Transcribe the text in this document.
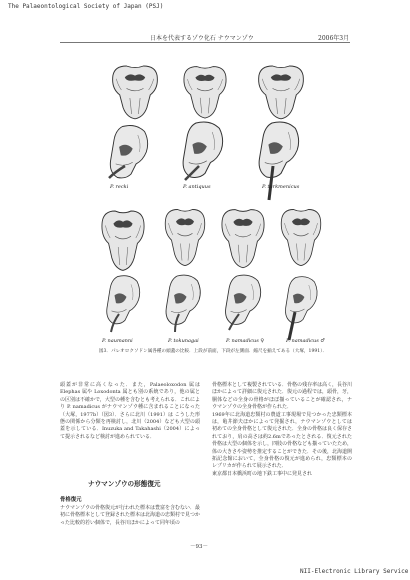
The Palaeontological Society of Japan (PSJ)
日本を代表するゾウ化石 ナウマンゾウ	2006年3月
P. recki	P. antiquus	P. turkmenicus
P. naumanni	P. tokunagai	P. namadicus ♀	P. namadicus ♂
図3．パレオロクソドン属各種の頭蓋の比較．上段が前面，下段が左側面．縮尺を揃えてある（大塚，1991）．

頭蓋が非常に高くなった．また，Palaeoloxodon 属は Elephas 属や Loxodonta 属とも別の系統であり，他の属との区別は不確かで，大型の種を含むとも考えられる．これにより P. namadicus がナウマンゾウ種に含まれることになった（大塚，1977b）（図3）．さらに北川（1991）は こうした形態の関係から分類を再検討し，北川（2004）なども大型の頭蓋を示している．Inuzuka and Takahashi（2004）によって提示されるなど検討が進められている．

ナウマンゾウの形態復元
骨格復元

ナウマンゾウの骨格復元が行われた標本は豊富を含むない．最初に骨格標本として登録された標本は北海道の忠類村で見つかった比較的若い個体で，長谷川ほかによって同年頃の

骨格標本として複製されている．骨格の残存率は高く，長谷川ほかによって詳細に復元された．復元の過程では，頭骨，牙，胴体などの全身の骨格がほぼ揃っていることが確認され，ナウマンゾウの全身骨格が作られた．

1969年に北海道忠類村の農道工事現場で見つかった忠類標本は，亀井節夫ほかによって発掘され，ナウマンゾウとしては初めての全身骨格として復元された．全身の骨格は良く保存されており，肩の高さは約2.6mであったとされる．復元された骨格は大型の個体を示し，四肢の骨格なども揃っていたため，体の大きさや姿勢を推定することができた．その後，北海道開拓記念館において，全身骨格の復元が進められ，忠類標本のレプリカが作られて展示された．

東京都日本橋浜町の地下鉄工事中に発見され

－93－
NII-Electronic Library Service
